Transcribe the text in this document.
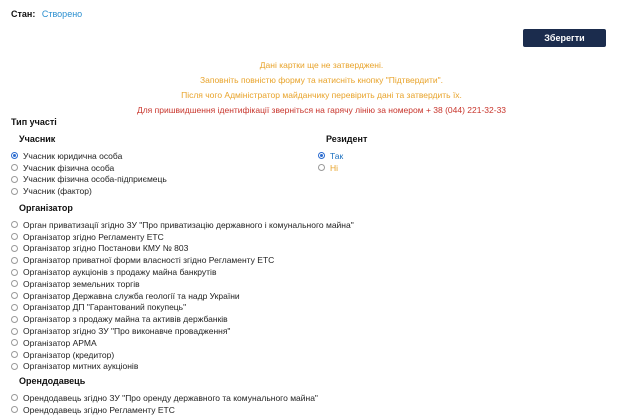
Стан: Створено
Зберегти
Дані картки ще не затверджені.
Заповніть повністю форму та натисніть кнопку "Підтвердити".
Після чого Адміністратор майданчику перевірить дані та затвердить їх.
Для пришвидшення ідентифікації зверніться на гарячу лінію за номером + 38 (044) 221-32-33
Тип участі
Учасник
Учасник юридична особа
Учасник фізична особа
Учасник фізична особа-підприємець
Учасник (фактор)
Резидент
Так
Ні
Організатор
Орган приватизації згідно ЗУ "Про приватизацію державного і комунального майна"
Організатор згідно Регламенту ЕТС
Організатор згідно Постанови КМУ № 803
Організатор приватної форми власності згідно Регламенту ЕТС
Організатор аукціонів з продажу майна банкрутів
Організатор земельних торгів
Організатор Державна служба геології та надр України
Організатор ДП "Гарантований покупець"
Організатор з продажу майна та активів держбанків
Організатор згідно ЗУ "Про виконавче провадження"
Організатор АРМА
Організатор (кредитор)
Організатор митних аукціонів
Орендодавець
Орендодавець згідно ЗУ "Про оренду державного та комунального майна"
Орендодавець згідно Регламенту ЕТС
